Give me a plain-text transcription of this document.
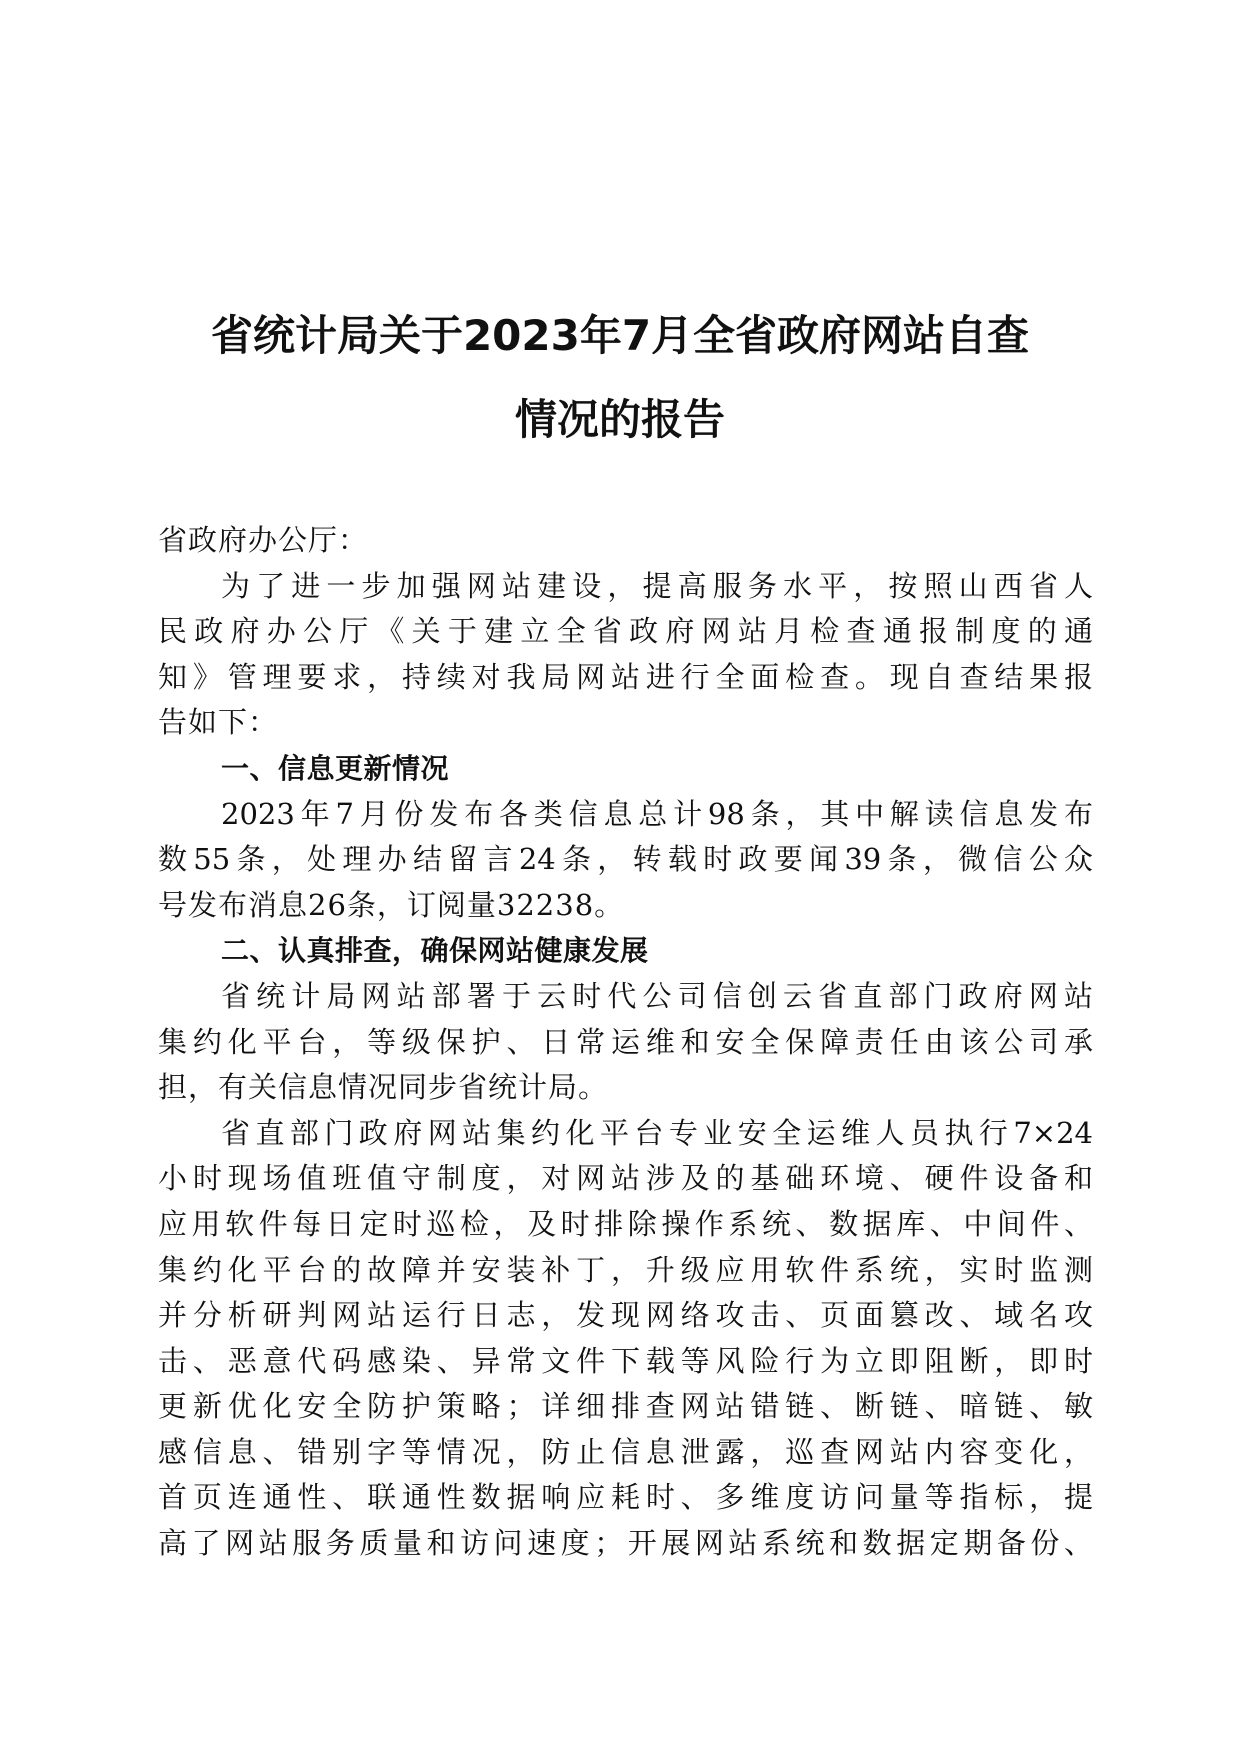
省统计局关于2023年7月全省政府网站自查
情况的报告
省政府办公厅：
为了进一步加强网站建设，提高服务水平，按照山西省人
民政府办公厅《关于建立全省政府网站月检查通报制度的通
知》管理要求，持续对我局网站进行全面检查。现自查结果报
告如下：
一、信息更新情况
2023年7月份发布各类信息总计98条，其中解读信息发布
数55条，处理办结留言24条，转载时政要闻39条，微信公众
号发布消息26条，订阅量32238。
二、认真排查，确保网站健康发展
省统计局网站部署于云时代公司信创云省直部门政府网站
集约化平台，等级保护、日常运维和安全保障责任由该公司承
担，有关信息情况同步省统计局。
省直部门政府网站集约化平台专业安全运维人员执行7×24
小时现场值班值守制度，对网站涉及的基础环境、硬件设备和
应用软件每日定时巡检，及时排除操作系统、数据库、中间件、
集约化平台的故障并安装补丁，升级应用软件系统，实时监测
并分析研判网站运行日志，发现网络攻击、页面篡改、域名攻
击、恶意代码感染、异常文件下载等风险行为立即阻断，即时
更新优化安全防护策略；详细排查网站错链、断链、暗链、敏
感信息、错别字等情况，防止信息泄露，巡查网站内容变化，
首页连通性、联通性数据响应耗时、多维度访问量等指标，提
高了网站服务质量和访问速度；开展网站系统和数据定期备份、
